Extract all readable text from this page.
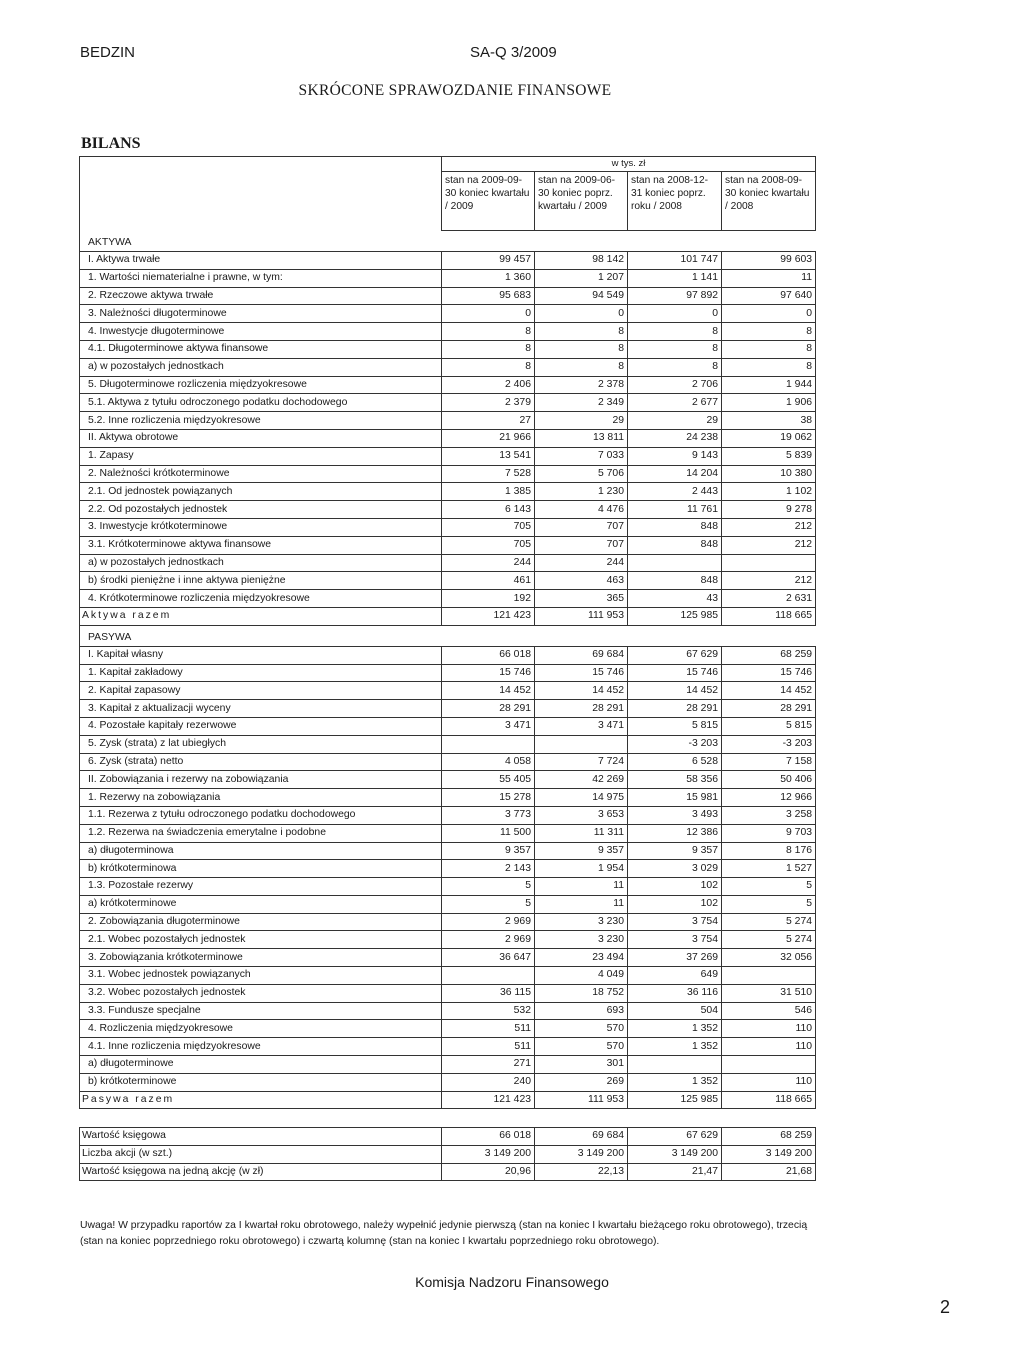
BEDZIN	SA-Q 3/2009
SKRÓCONE SPRAWOZDANIE FINANSOWE
BILANS
	w tys. zł			
	stan na 2009-09-30 koniec kwartału / 2009	stan na 2009-06-30 koniec poprz. kwartału / 2009	stan na 2008-12-31 koniec poprz. roku / 2008	stan na 2008-09-30 koniec kwartału / 2008
AKTYWA				
I. Aktywa trwałe	99 457	98 142	101 747	99 603
1. Wartości niematerialne i prawne, w tym:	1 360	1 207	1 141	11
2. Rzeczowe aktywa trwałe	95 683	94 549	97 892	97 640
3. Należności długoterminowe	0	0	0	0
4. Inwestycje długoterminowe	8	8	8	8
4.1. Długoterminowe aktywa finansowe	8	8	8	8
a) w pozostałych jednostkach	8	8	8	8
5. Długoterminowe rozliczenia międzyokresowe	2 406	2 378	2 706	1 944
5.1. Aktywa z tytułu odroczonego podatku dochodowego	2 379	2 349	2 677	1 906
5.2. Inne rozliczenia międzyokresowe	27	29	29	38
II. Aktywa obrotowe	21 966	13 811	24 238	19 062
1. Zapasy	13 541	7 033	9 143	5 839
2. Należności krótkoterminowe	7 528	5 706	14 204	10 380
2.1. Od jednostek powiązanych	1 385	1 230	2 443	1 102
2.2. Od pozostałych jednostek	6 143	4 476	11 761	9 278
3. Inwestycje krótkoterminowe	705	707	848	212
3.1. Krótkoterminowe aktywa finansowe	705	707	848	212
a) w pozostałych jednostkach	244	244		
b) środki pieniężne i inne aktywa pieniężne	461	463	848	212
4. Krótkoterminowe rozliczenia międzyokresowe	192	365	43	2 631
Aktywa razem	121 423	111 953	125 985	118 665
PASYWA				
I. Kapitał własny	66 018	69 684	67 629	68 259
1. Kapitał zakładowy	15 746	15 746	15 746	15 746
2. Kapitał zapasowy	14 452	14 452	14 452	14 452
3. Kapitał z aktualizacji wyceny	28 291	28 291	28 291	28 291
4. Pozostałe kapitały rezerwowe	3 471	3 471	5 815	5 815
5. Zysk (strata) z lat ubiegłych			-3 203	-3 203
6. Zysk (strata) netto	4 058	7 724	6 528	7 158
II. Zobowiązania i rezerwy na zobowiązania	55 405	42 269	58 356	50 406
1. Rezerwy na zobowiązania	15 278	14 975	15 981	12 966
1.1. Rezerwa z tytułu odroczonego podatku dochodowego	3 773	3 653	3 493	3 258
1.2. Rezerwa na świadczenia emerytalne i podobne	11 500	11 311	12 386	9 703
a) długoterminowa	9 357	9 357	9 357	8 176
b) krótkoterminowa	2 143	1 954	3 029	1 527
1.3. Pozostałe rezerwy	5	11	102	5
a) krótkoterminowe	5	11	102	5
2. Zobowiązania długoterminowe	2 969	3 230	3 754	5 274
2.1. Wobec pozostałych jednostek	2 969	3 230	3 754	5 274
3. Zobowiązania krótkoterminowe	36 647	23 494	37 269	32 056
3.1. Wobec jednostek powiązanych		4 049	649	
3.2. Wobec pozostałych jednostek	36 115	18 752	36 116	31 510
3.3. Fundusze specjalne	532	693	504	546
4. Rozliczenia międzyokresowe	511	570	1 352	110
4.1. Inne rozliczenia międzyokresowe	511	570	1 352	110
a) długoterminowe	271	301		
b) krótkoterminowe	240	269	1 352	110
Pasywa razem	121 423	111 953	125 985	118 665
Wartość księgowa	66 018	69 684	67 629	68 259
Liczba akcji (w szt.)	3 149 200	3 149 200	3 149 200	3 149 200
Wartość księgowa na jedną akcję (w zł)	20,96	22,13	21,47	21,68
Uwaga! W przypadku raportów za I kwartał roku obrotowego, należy wypełnić jedynie pierwszą (stan na koniec I kwartału bieżącego roku obrotowego), trzecią (stan na koniec poprzedniego roku obrotowego) i czwartą kolumnę (stan na koniec I kwartału poprzedniego roku obrotowego).
Komisja Nadzoru Finansowego
2
